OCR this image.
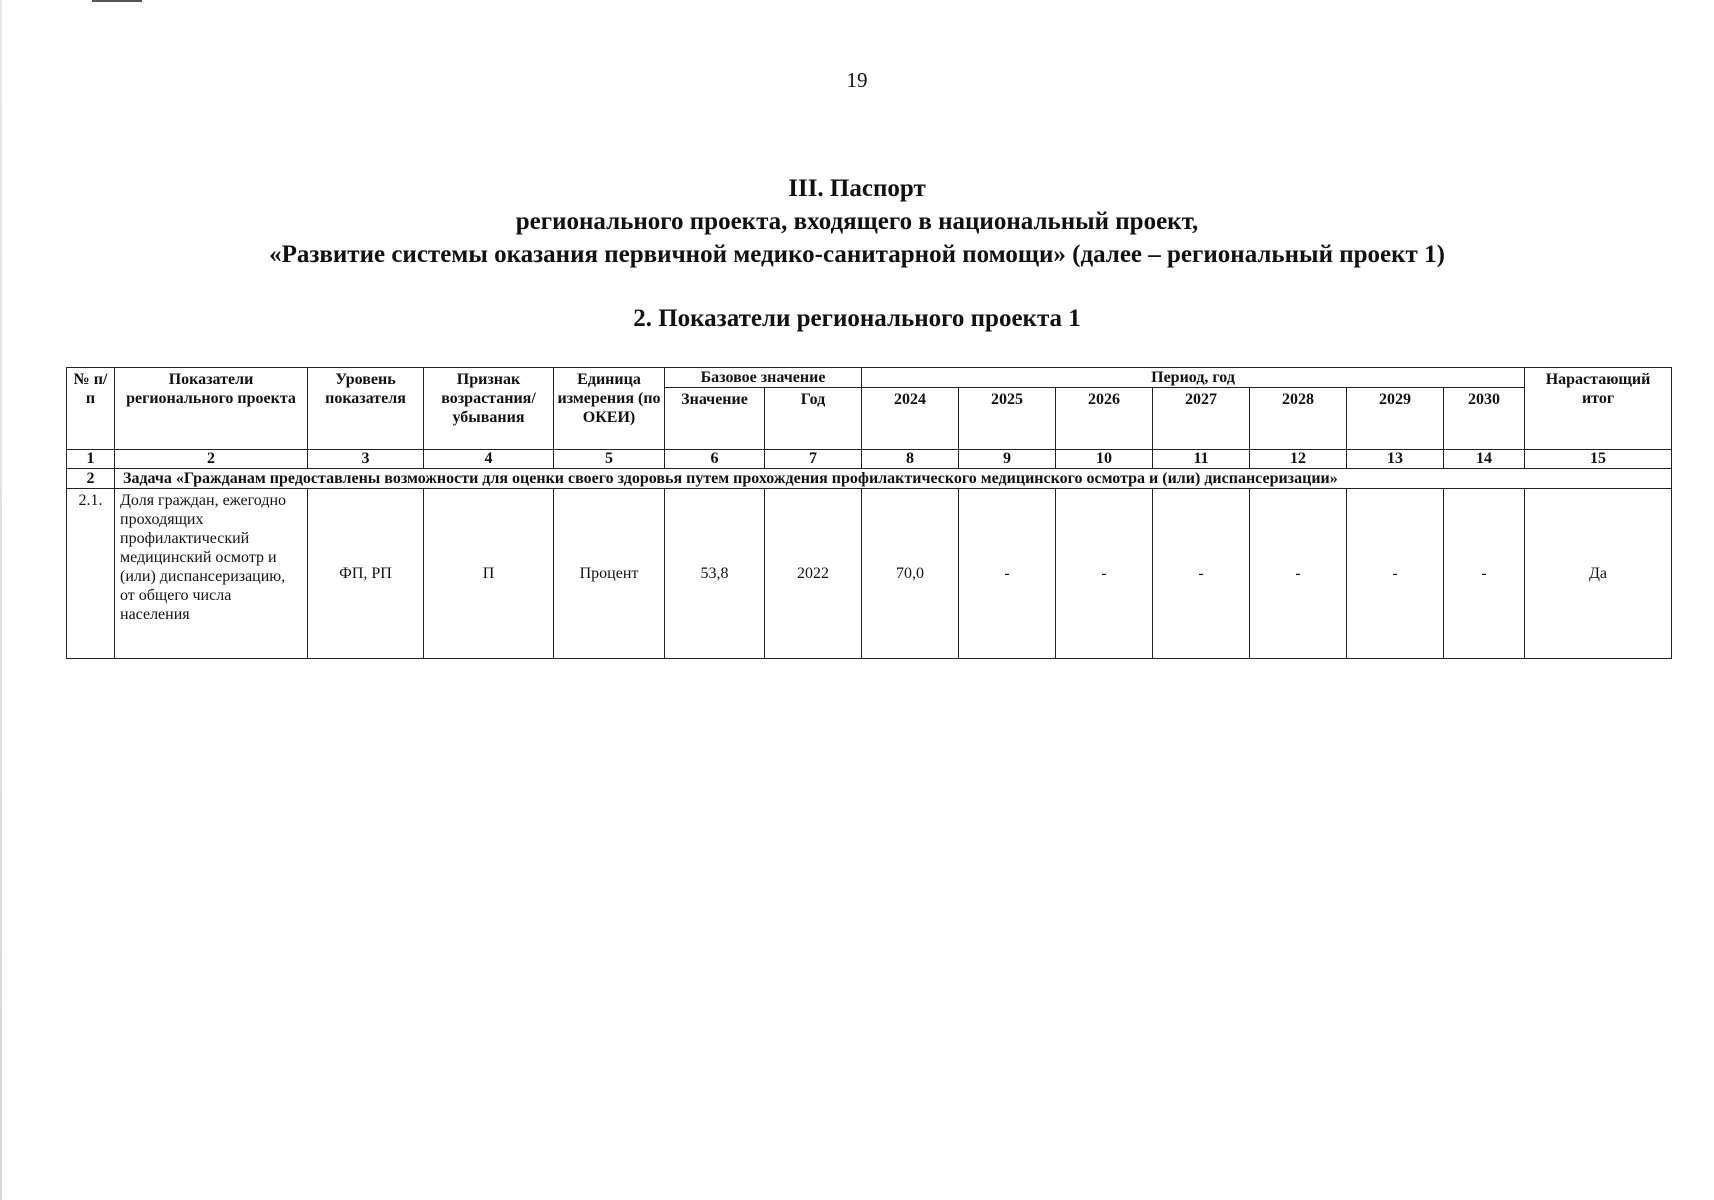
19
III. Паспорт
регионального проекта, входящего в национальный проект,
«Развитие системы оказания первичной медико-санитарной помощи» (далее – региональный проект 1)
2. Показатели регионального проекта 1
№ п/п	Показатели регионального проекта	Уровень показателя	Признак возрастания/ убывания	Единица измерения (по ОКЕИ)	Базовое значение		Период, год							Нарастающий итог
					Значение	Год	2024	2025	2026	2027	2028	2029	2030	
1	2	3	4	5	6	7	8	9	10	11	12	13	14	15
2	Задача «Гражданам предоставлены возможности для оценки своего здоровья путем прохождения профилактического медицинского осмотра и (или) диспансеризации»													
2.1.	Доля граждан, ежегодно проходящих профилактический медицинский осмотр и (или) диспансеризацию, от общего числа населения	ФП, РП	П	Процент	53,8	2022	70,0	-	-	-	-	-	-	Да
